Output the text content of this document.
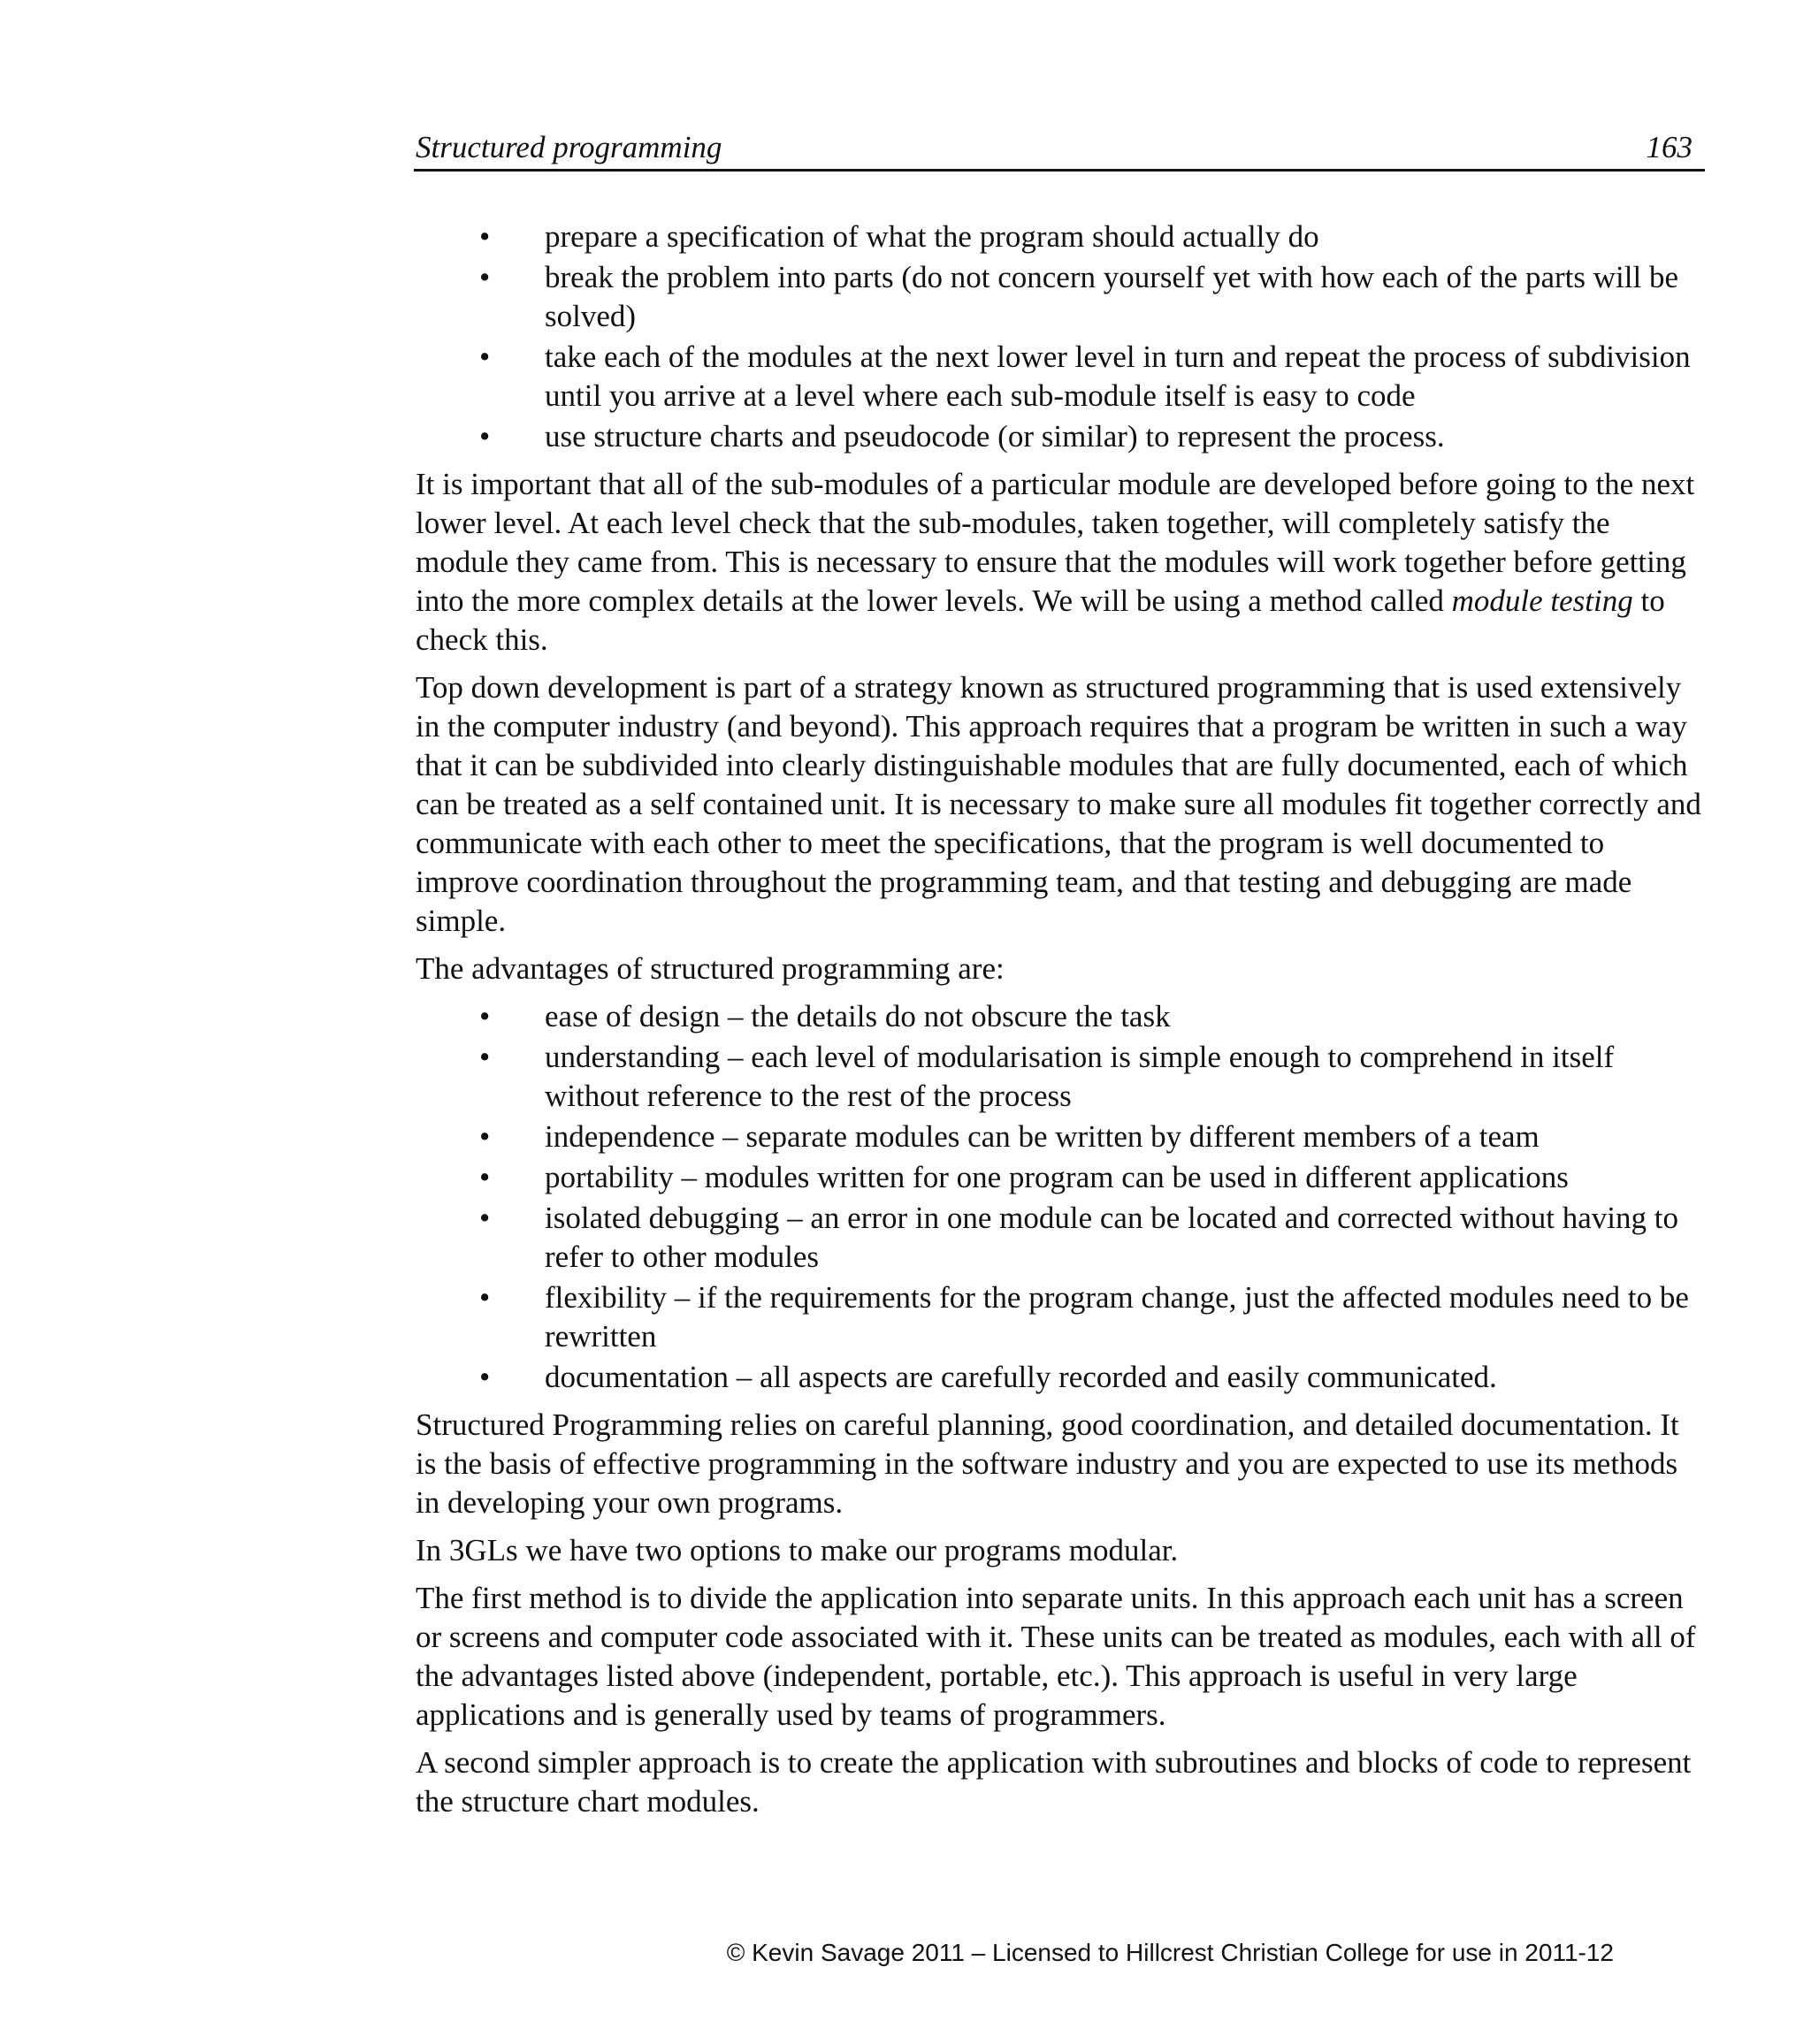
Structured programming	163
• prepare a specification of what the program should actually do
• break the problem into parts (do not concern yourself yet with how each of the parts will be solved)
• take each of the modules at the next lower level in turn and repeat the process of subdivision until you arrive at a level where each sub-module itself is easy to code
• use structure charts and pseudocode (or similar) to represent the process.

It is important that all of the sub-modules of a particular module are developed before going to the next lower level. At each level check that the sub-modules, taken together, will completely satisfy the module they came from. This is necessary to ensure that the modules will work together before getting into the more complex details at the lower levels. We will be using a method called module testing to check this.

Top down development is part of a strategy known as structured programming that is used extensively in the computer industry (and beyond). This approach requires that a program be written in such a way that it can be subdivided into clearly distinguishable modules that are fully documented, each of which can be treated as a self contained unit. It is necessary to make sure all modules fit together correctly and communicate with each other to meet the specifications, that the program is well documented to improve coordination throughout the programming team, and that testing and debugging are made simple.

The advantages of structured programming are:

• ease of design – the details do not obscure the task
• understanding – each level of modularisation is simple enough to comprehend in itself without reference to the rest of the process
• independence – separate modules can be written by different members of a team
• portability – modules written for one program can be used in different applications
• isolated debugging – an error in one module can be located and corrected without having to refer to other modules
• flexibility – if the requirements for the program change, just the affected modules need to be rewritten
• documentation – all aspects are carefully recorded and easily communicated.

Structured Programming relies on careful planning, good coordination, and detailed documentation. It is the basis of effective programming in the software industry and you are expected to use its methods in developing your own programs.

In 3GLs we have two options to make our programs modular.

The first method is to divide the application into separate units. In this approach each unit has a screen or screens and computer code associated with it. These units can be treated as modules, each with all of the advantages listed above (independent, portable, etc.). This approach is useful in very large applications and is generally used by teams of programmers.

A second simpler approach is to create the application with subroutines and blocks of code to represent the structure chart modules.

© Kevin Savage 2011 – Licensed to Hillcrest Christian College for use in 2011-12
